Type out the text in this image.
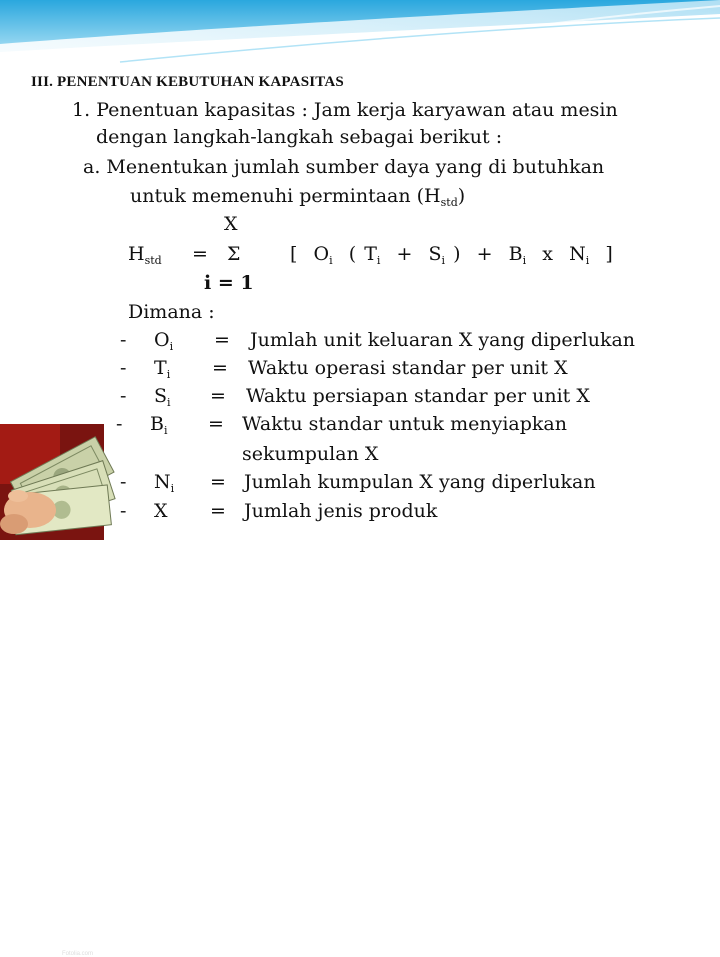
III. PENENTUAN KEBUTUHAN KAPASITAS
1. Penentuan kapasitas : Jam kerja karyawan atau mesin
dengan langkah-langkah sebagai berikut :
a. Menentukan jumlah sumber daya yang di butuhkan
untuk memenuhi permintaan $(H_{std})$
X
$H_{std} = \Sigma$	[ $O_i$ ( $T_i + S_i$ ) + $B_i$ x $N_i$ ]
i = 1
Dimana :
- $O_i$ = Jumlah unit keluaran X yang diperlukan
- $T_i$ = Waktu operasi standar per unit X
- $S_i$ = Waktu persiapan standar per unit X
- $B_i$ = Waktu standar untuk menyiapkan
sekumpulan X
- $N_i$ = Jumlah kumpulan X yang diperlukan
- X = Jumlah jenis produk
Fotolia.com
